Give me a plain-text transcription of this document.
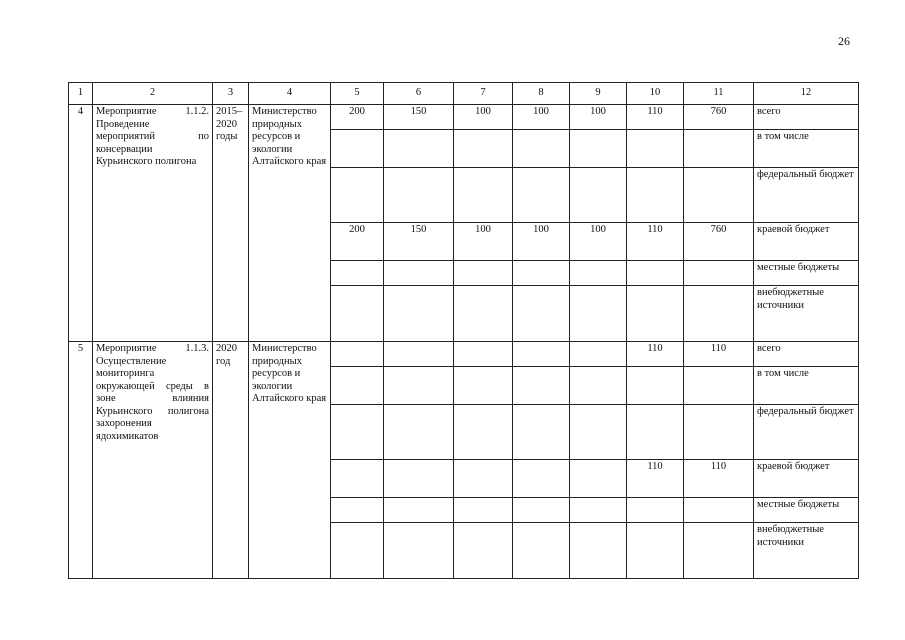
26
1	2	3	4	5	6	7	8	9	10	11	12
4	Мероприятие 1.1.2. Проведение мероприятий по консервации Курьинского полигона	2015–2020 годы	Министерство природных ресурсов и экологии Алтайского края	200	150	100	100	100	110	760	всего
											в том числе
											федеральный бюджет
				200	150	100	100	100	110	760	краевой бюджет
											местные бюджеты
											внебюджетные источники
5	Мероприятие 1.1.3. Осуществление мониторинга окружающей среды в зоне влияния Курьинского полигона захоронения ядохимикатов	2020 год	Министерство природных ресурсов и экологии Алтайского края						110	110	всего
											в том числе
											федеральный бюджет
									110	110	краевой бюджет
											местные бюджеты
											внебюджетные источники
